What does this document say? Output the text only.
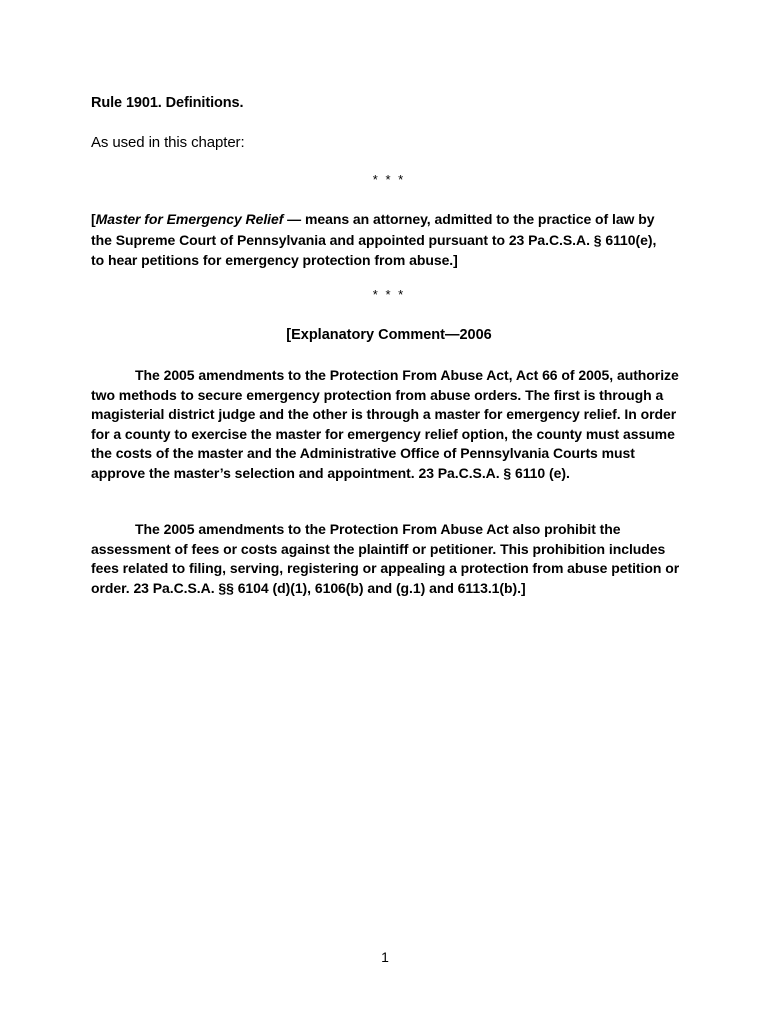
Rule 1901. Definitions.
As used in this chapter:
* * *
[Master for Emergency Relief — means an attorney, admitted to the practice of law by the Supreme Court of Pennsylvania and appointed pursuant to 23 Pa.C.S.A. § 6110(e), to hear petitions for emergency protection from abuse.]
* * *
[Explanatory Comment—2006
The 2005 amendments to the Protection From Abuse Act, Act 66 of 2005, authorize two methods to secure emergency protection from abuse orders. The first is through a magisterial district judge and the other is through a master for emergency relief. In order for a county to exercise the master for emergency relief option, the county must assume the costs of the master and the Administrative Office of Pennsylvania Courts must approve the master’s selection and appointment. 23 Pa.C.S.A. § 6110 (e).
The 2005 amendments to the Protection From Abuse Act also prohibit the assessment of fees or costs against the plaintiff or petitioner. This prohibition includes fees related to filing, serving, registering or appealing a protection from abuse petition or order. 23 Pa.C.S.A. §§ 6104 (d)(1), 6106(b) and (g.1) and 6113.1(b).]
1
